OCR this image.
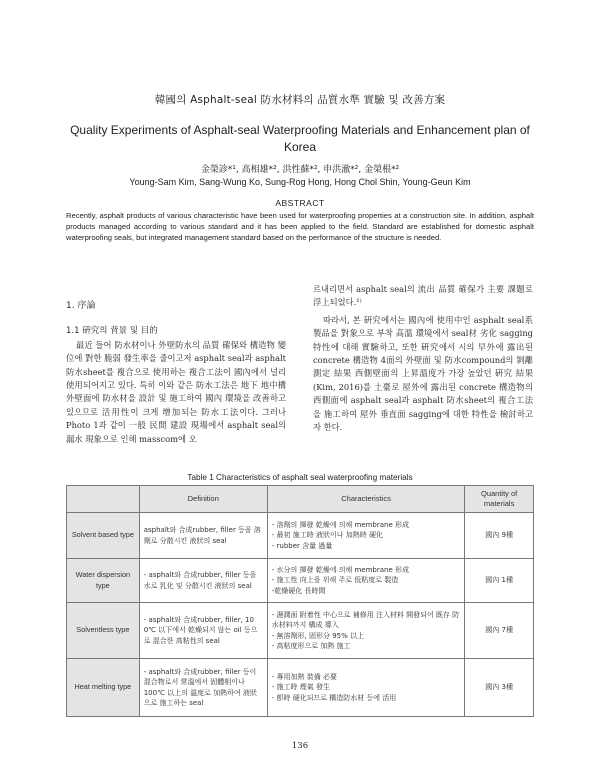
韓國의 Asphalt-seal 防水材料의 品質水準 實驗 및 改善方案
Quality Experiments of Asphalt-seal Waterproofing Materials and Enhancement plan of Korea
金榮診*¹, 高相雄*², 洪性蘇*², 申洪澈*², 金榮根*²
Young-Sam Kim, Sang-Wung Ko, Sung-Rog Hong, Hong Chol Shin, Young-Geun Kim
ABSTRACT
Recently, asphalt products of various characteristic have been used for waterproofing properties at a construction site. In addition, asphalt products managed according to various standard and it has been applied to the field. Standard are established for domestic asphalt waterproofing seals, but integrated management standard based on the performance of the structure is needed.

1. 序論

1.1 硏究의 背景 및 目的

最近 들어 防水材이나 外壁防水의 品質 確保와 構造物 變位에 對한 脆弱 發生率을 줄이고저 asphalt seal과 asphalt 防水sheet를 複合으로 使用하는 複合工法이 國內에서 널리 使用되어지고 있다. 특히 이와 같은 防水工法은 地下 地中構 外壁面에 防水材을 設計 및 施工하여 國內 環境을 改善하고 있으므로 活用性이 크게 增加되는 防水工法이다. 그러나 Photo 1과 같이 一般 民間 建設 現場에서 asphalt seal의 漏水 現象으로 인해 masscom에 오

르내리면서 asphalt seal의 流出 品質 確保가 主要 課題로 浮上되었다.¹⁾

따라서, 본 硏究에서는 國內에 使用中인 asphalt seal系 製品을 對象으로 부착 高溫 環境에서 seal材 劣化 sagging 特性에 대해 實驗하고, 또한 硏究에서 시의 早外에 露出된 concrete 構造物 4面의 外壁面 및 防水compound의 剝離 測定 結果 西側壁面의 上昇溫度가 가장 높았던 硏究 結果(Kim, 2016)를 土臺로 屋外에 露出된 concrete 構造物의 西側面에 asphalt seal과 asphalt 防水sheet의 複合工法을 施工하여 屋外 垂直面 sagging에 대한 特性을 檢討하고자 한다.

Table 1 Characteristics of asphalt seal waterproofing materials
	Definition	Characteristics	Quantity of materials
Solvent based type	asphalt와 合成rubber, filler 등을 溶劑로 分散시킨 液狀의 seal	- 溶劑의 揮發 乾燥에 의해 membrane 形成
- 最初 施工時 液狀이나 加熱時 硬化
- rubber 含量 過量	國內 9種
Water dispersion type	- asphalt와 合成rubber, filler 등을 水로 乳化 및 分散시킨 液狀의 seal	- 水分의 揮發 乾燥에 의해 membrane 形成
- 施工性 向上을 위해 주로 低粘度로 製造
-乾燥硬化 長時間	國內 1種
Solventless type	- asphalt와 合成rubber, filler, 10 0℃ 以下에서 乾燥되지 않는 oil 등으로 混合한 高粘性의 seal	- 濕潤面 附着性 中心으로 補修用 注入材料 開發되어 既存 防水材料까지 構成 導入
- 無溶劑形, 固形分 95% 以上
- 高粘度形으로 加熱 施工	國內 7種
Heat melting type	- asphalt와 合成rubber, filler 등이 混合物로서 常溫에서 固體相이나 100℃ 以上의 溫度로 加熱하여 液狀으로 施工하는 seal	- 專用加熱 裝備 必要
- 施工時 煙氣 發生
- 卽時 硬化되므로 構造防水材 등에 活用	國內 3種
136
